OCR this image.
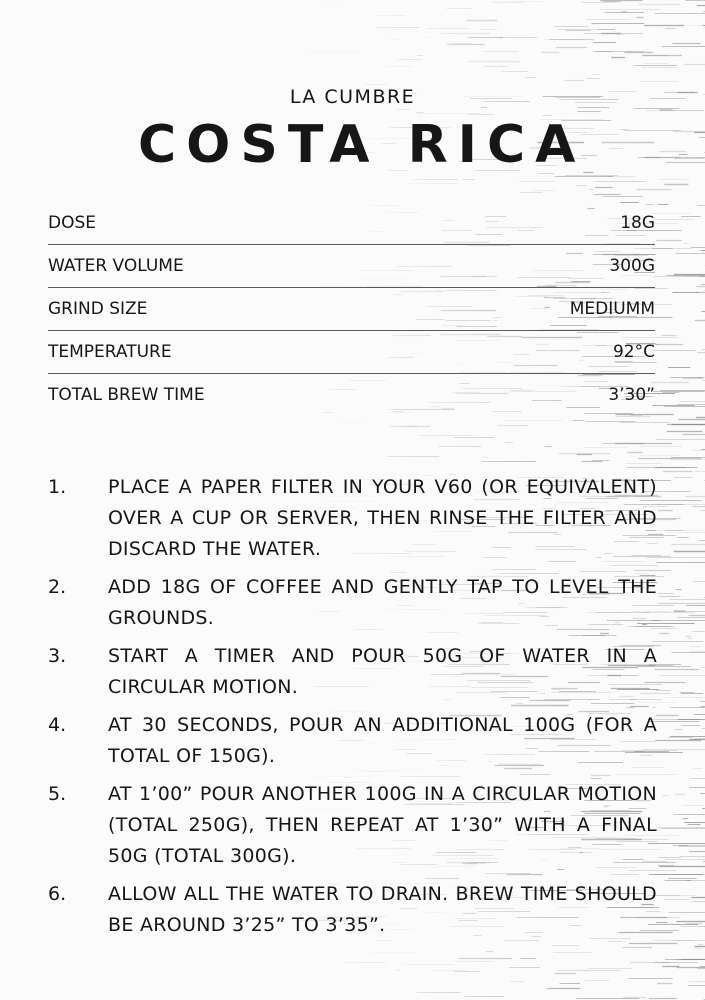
LA CUMBRE
COSTA RICA
DOSE	18G
WATER VOLUME	300G
GRIND SIZE	MEDIUMM
TEMPERATURE	92°C
TOTAL BREW TIME	3’30”
1.	PLACE A PAPER FILTER IN YOUR V60 (OR EQUIVALENT) OVER A CUP OR SERVER, THEN RINSE THE FILTER AND DISCARD THE WATER.
2.	ADD 18G OF COFFEE AND GENTLY TAP TO LEVEL THE GROUNDS.
3.	START A TIMER AND POUR 50G OF WATER IN A CIRCULAR MOTION.
4.	AT 30 SECONDS, POUR AN ADDITIONAL 100G (FOR A TOTAL OF 150G).
5.	AT 1’00” POUR ANOTHER 100G IN A CIRCULAR MOTION (TOTAL 250G), THEN REPEAT AT 1’30” WITH A FINAL 50G (TOTAL 300G).
6.	ALLOW ALL THE WATER TO DRAIN. BREW TIME SHOULD BE AROUND 3’25” TO 3’35”.
